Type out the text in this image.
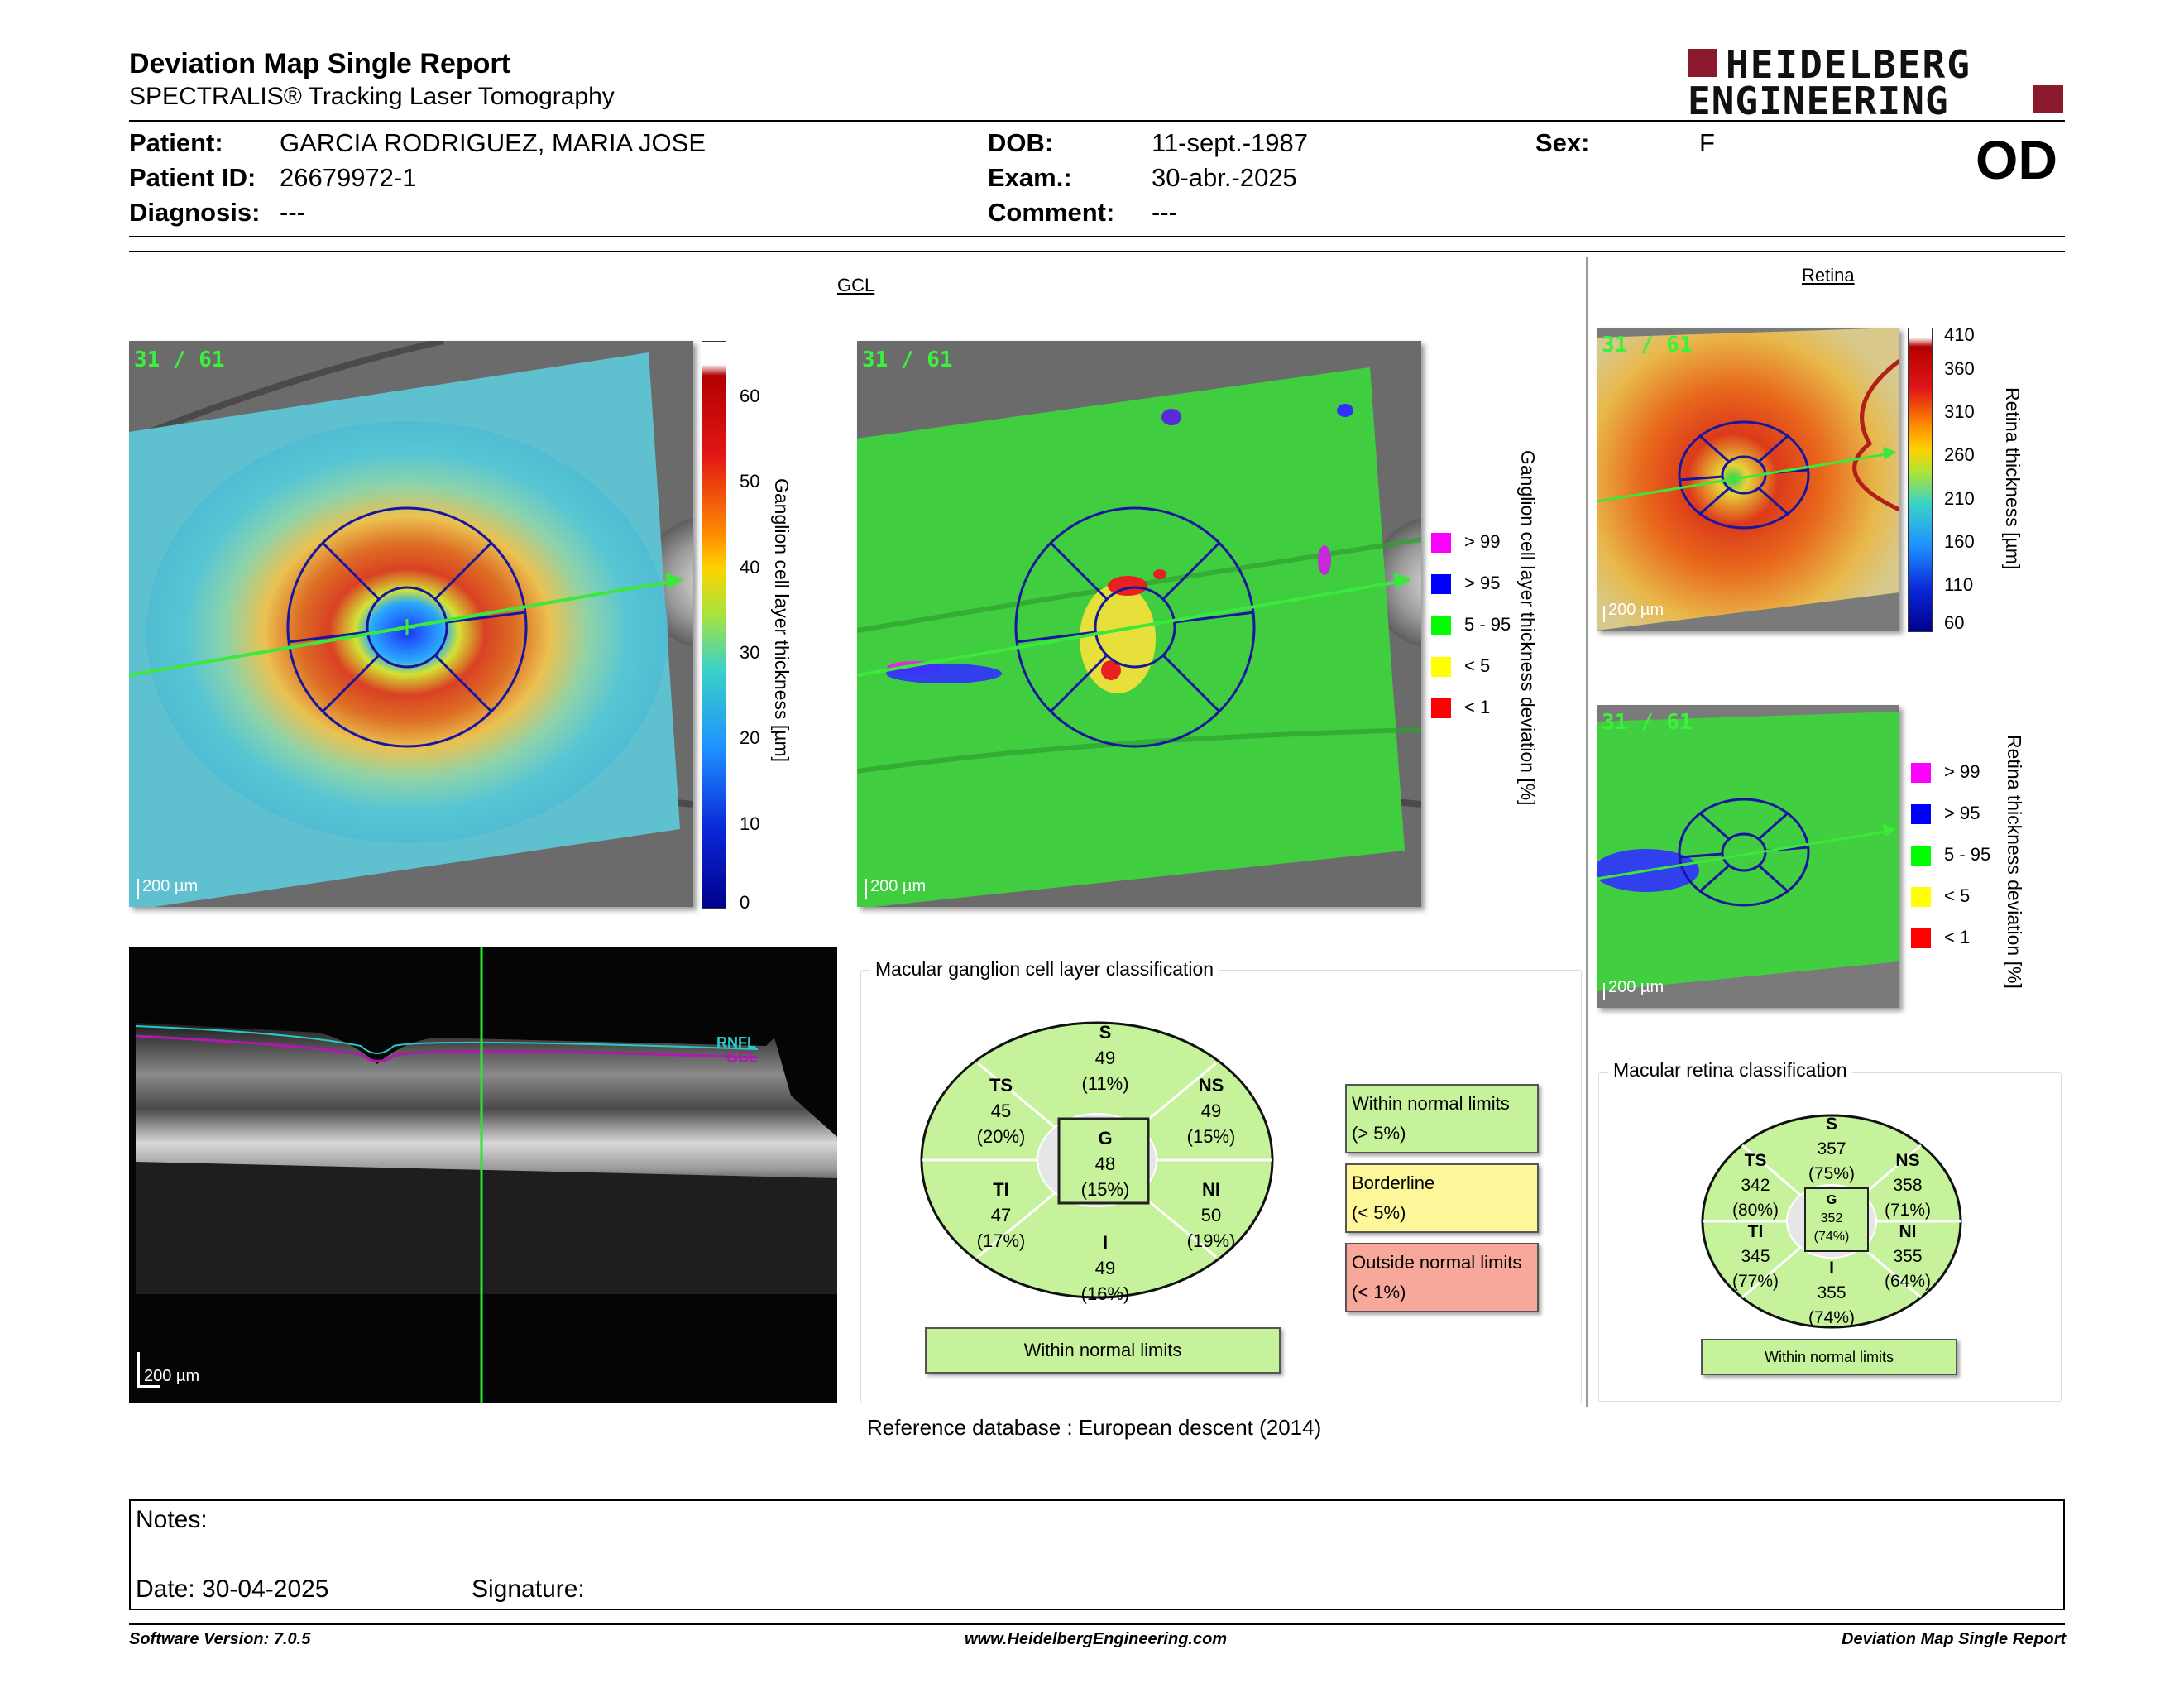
Deviation Map Single Report
SPECTRALIS® Tracking Laser Tomography
HEIDELBERG
ENGINEERING
Patient: GARCIA RODRIGUEZ, MARIA JOSE
Patient ID: 26679972-1
Diagnosis: ---
DOB:	11-sept.-1987
Exam.:	30-abr.-2025
Comment: ---
Sex:	F	OD
GCL
31 / 61
200 µm
60
50
40
30
20
10
0
Ganglion cell layer thickness [µm]
31 / 61
200 µm
Ganglion cell layer thickness deviation [%]
> 99
> 95
5 - 95
< 5
< 1
RNFL
GCL
200 µm
Macular ganglion cell layer classification
S
49
(11%)
TS
45
(20%)
NS
49
(15%)
G
48
(15%)
TI
47
(17%)
NI
50
(19%)
I
49
(16%)
Within normal limits
Within normal limits
(> 5%)
Borderline
(< 5%)
Outside normal limits
(< 1%)
Reference database : European descent (2014)
Retina
31 / 61
200 µm
410
360
310
260
210
160
110
60
Retina thickness [µm]
31 / 61
200 µm
> 99
> 95
5 - 95
< 5
< 1 Retina thickness deviation [%]
Macular retina classification
S
357
(75%)
TS
342
(80%)
NS
358
(71%)
G
352
(74%)
TI
345
(77%)
NI
355
(64%)
I
355
(74%)
Within normal limits
Notes:
Date: 30-04-2025	Signature:
Software Version: 7.0.5	www.HeidelbergEngineering.com	Deviation Map Single Report
